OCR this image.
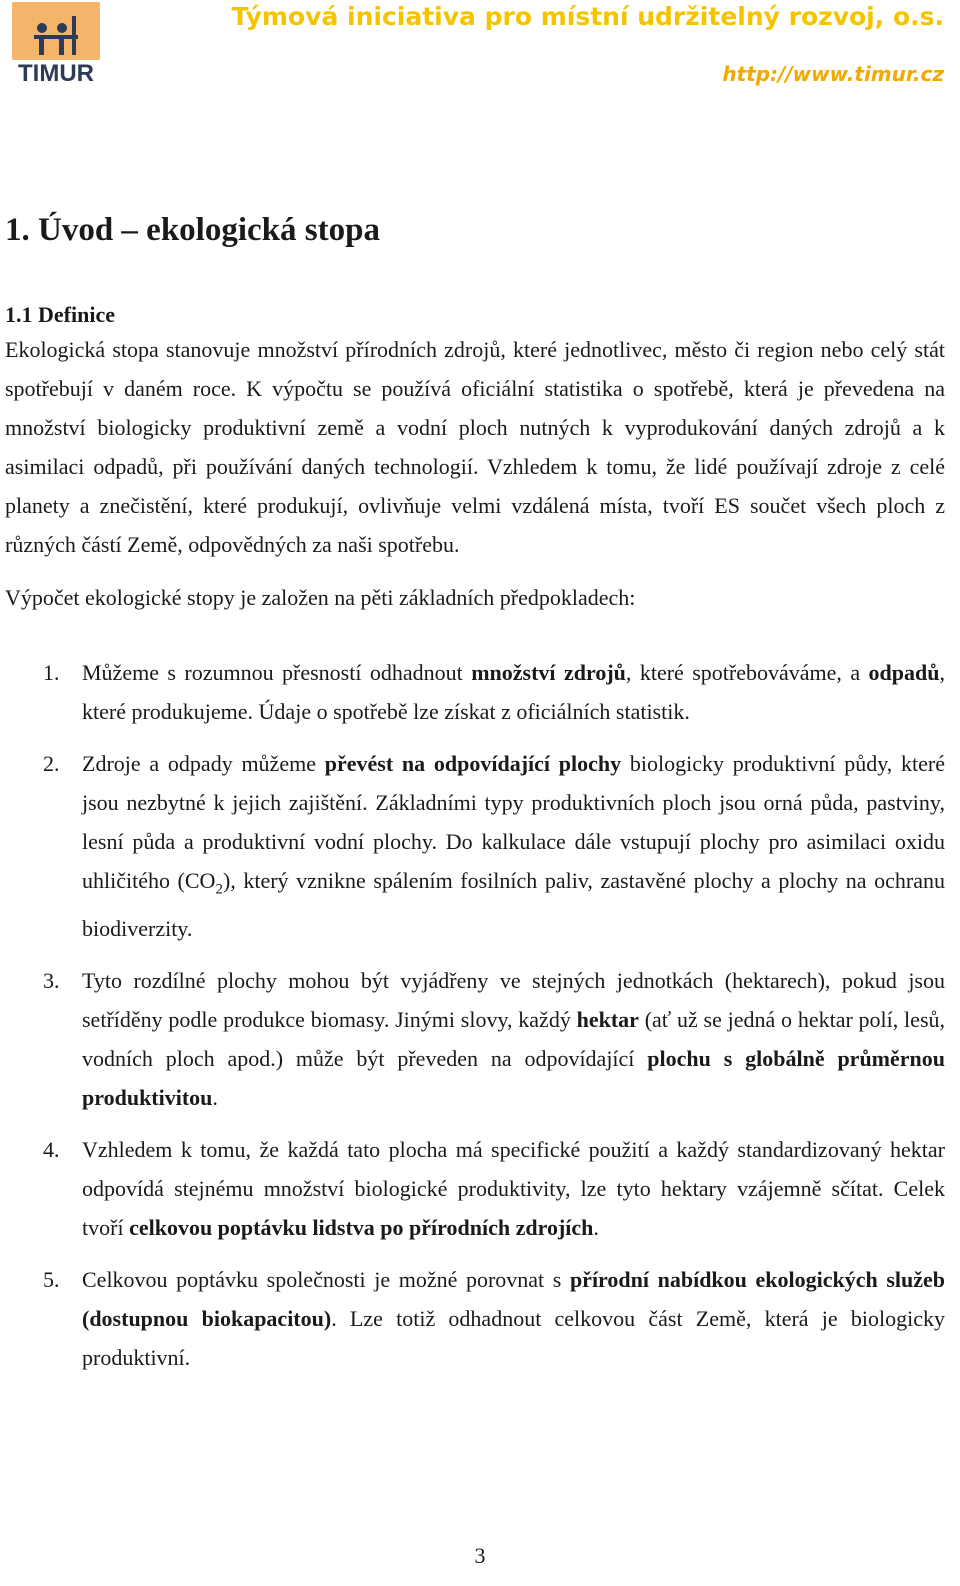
TIMUR
Týmová iniciativa pro místní udržitelný rozvoj, o.s.
http://www.timur.cz
1. Úvod – ekologická stopa
1.1 Definice

Ekologická stopa stanovuje množství přírodních zdrojů, které jednotlivec, město či region nebo celý stát spotřebují v daném roce. K výpočtu se používá oficiální statistika o spotřebě, která je převedena na množství biologicky produktivní země a vodní ploch nutných k vyprodukování daných zdrojů a k asimilaci odpadů, při používání daných technologií. Vzhledem k tomu, že lidé používají zdroje z celé planety a znečistění, které produkují, ovlivňuje velmi vzdálená místa, tvoří ES součet všech ploch z různých částí Země, odpovědných za naši spotřebu.

Výpočet ekologické stopy je založen na pěti základních předpokladech:

1. Můžeme s rozumnou přesností odhadnout množství zdrojů, které spotřebováváme, a odpadů, které produkujeme. Údaje o spotřebě lze získat z oficiálních statistik.
2. Zdroje a odpady můžeme převést na odpovídající plochy biologicky produktivní půdy, které jsou nezbytné k jejich zajištění. Základními typy produktivních ploch jsou orná půda, pastviny, lesní půda a produktivní vodní plochy. Do kalkulace dále vstupují plochy pro asimilaci oxidu uhličitého $(CO_2)$, který vznikne spálením fosilních paliv, zastavěné plochy a plochy na ochranu biodiverzity.
3. Tyto rozdílné plochy mohou být vyjádřeny ve stejných jednotkách (hektarech), pokud jsou setříděny podle produkce biomasy. Jinými slovy, každý hektar (ať už se jedná o hektar polí, lesů, vodních ploch apod.) může být převeden na odpovídající plochu s globálně průměrnou produktivitou.
4. Vzhledem k tomu, že každá tato plocha má specifické použití a každý standardizovaný hektar odpovídá stejnému množství biologické produktivity, lze tyto hektary vzájemně sčítat. Celek tvoří celkovou poptávku lidstva po přírodních zdrojích.
5. Celkovou poptávku společnosti je možné porovnat s přírodní nabídkou ekologických služeb (dostupnou biokapacitou). Lze totiž odhadnout celkovou část Země, která je biologicky produktivní.
3
